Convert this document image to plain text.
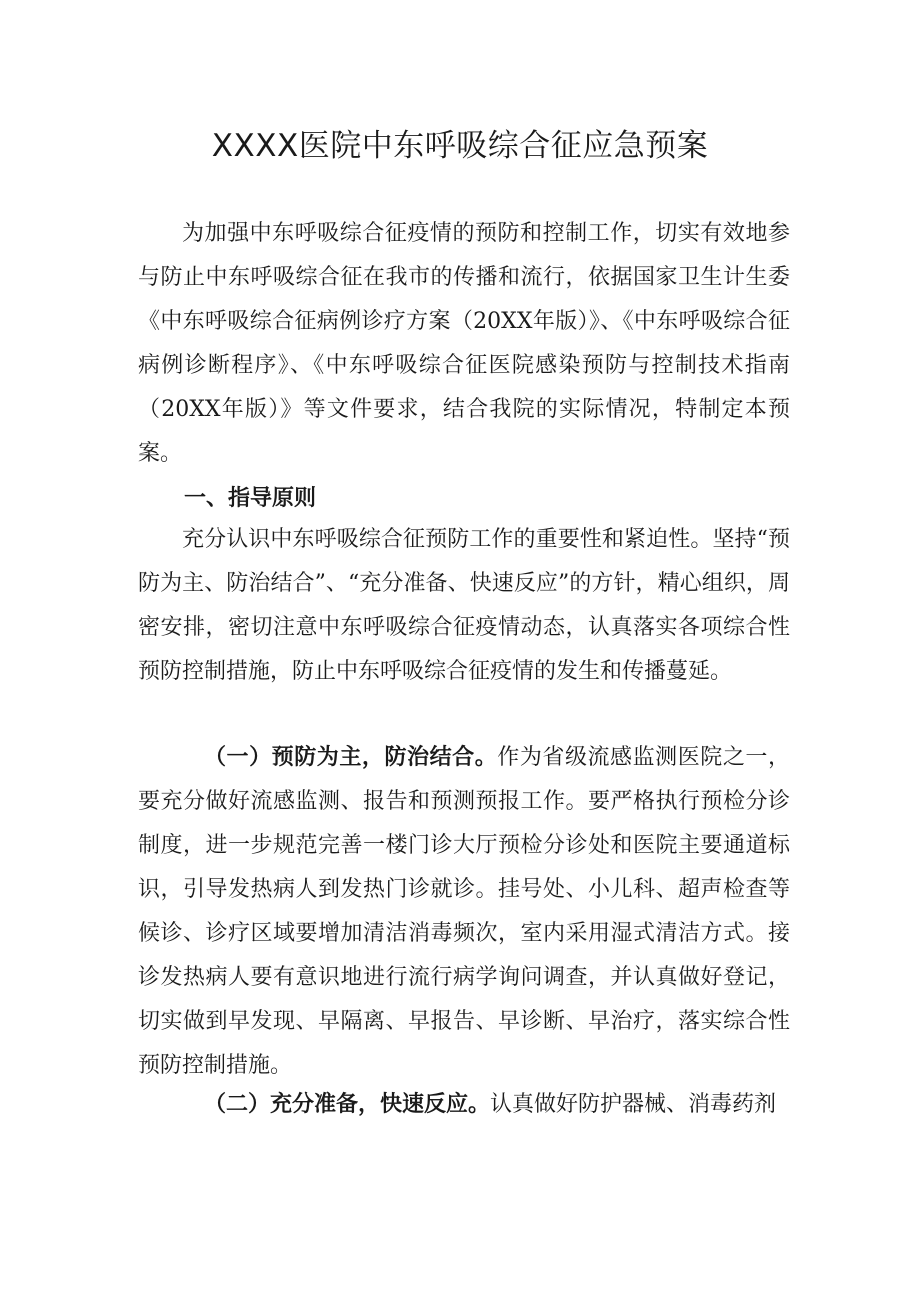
XXXX医院中东呼吸综合征应急预案

为加强中东呼吸综合征疫情的预防和控制工作，切实有效地参与防止中东呼吸综合征在我市的传播和流行，依据国家卫生计生委《中东呼吸综合征病例诊疗方案（20XX年版）》、《中东呼吸综合征病例诊断程序》、《中东呼吸综合征医院感染预防与控制技术指南（20XX年版）》等文件要求，结合我院的实际情况，特制定本预案。

一、指导原则

充分认识中东呼吸综合征预防工作的重要性和紧迫性。坚持“预防为主、防治结合”、“充分准备、快速反应”的方针，精心组织，周密安排，密切注意中东呼吸综合征疫情动态，认真落实各项综合性预防控制措施，防止中东呼吸综合征疫情的发生和传播蔓延。

（一）预防为主，防治结合。作为省级流感监测医院之一，要充分做好流感监测、报告和预测预报工作。要严格执行预检分诊制度，进一步规范完善一楼门诊大厅预检分诊处和医院主要通道标识，引导发热病人到发热门诊就诊。挂号处、小儿科、超声检查等候诊、诊疗区域要增加清洁消毒频次，室内采用湿式清洁方式。接诊发热病人要有意识地进行流行病学询问调查，并认真做好登记，切实做到早发现、早隔离、早报告、早诊断、早治疗，落实综合性预防控制措施。

（二）充分准备，快速反应。认真做好防护器械、消毒药剂
